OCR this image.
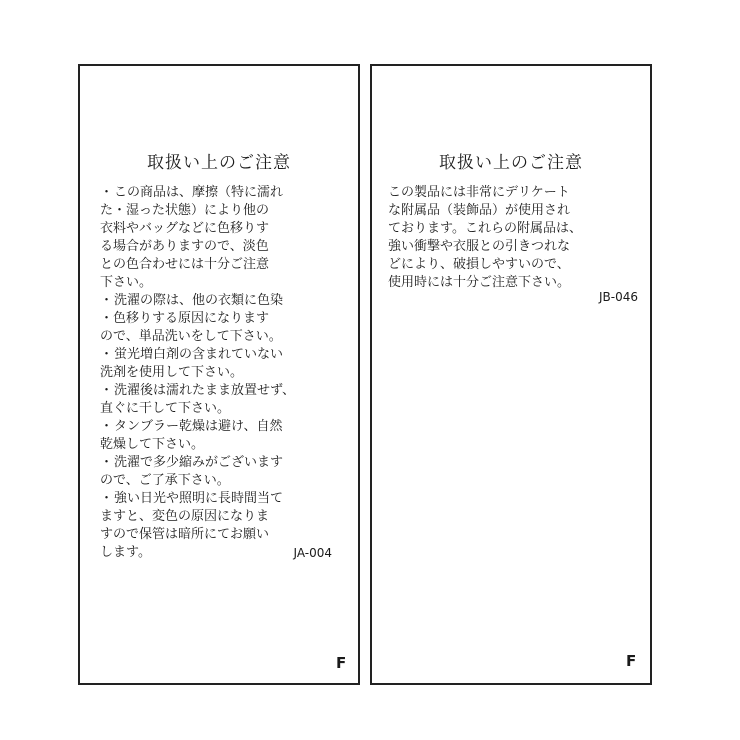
取扱い上のご注意
・この商品は、摩擦（特に濡れ
た・湿った状態）により他の
衣料やバッグなどに色移りす
る場合がありますので、淡色
との色合わせには十分ご注意
下さい。
・洗濯の際は、他の衣類に色染
・色移りする原因になります
ので、単品洗いをして下さい。
・蛍光増白剤の含まれていない
洗剤を使用して下さい。
・洗濯後は濡れたまま放置せず、
直ぐに干して下さい。
・タンブラー乾燥は避け、自然
乾燥して下さい。
・洗濯で多少縮みがございます
ので、ご了承下さい。
・強い日光や照明に長時間当て
ますと、変色の原因になりま
すので保管は暗所にてお願い
します。	JA-004
F
取扱い上のご注意
この製品には非常にデリケート
な附属品（装飾品）が使用され
ております。これらの附属品は、
強い衝撃や衣服との引きつれな
どにより、破損しやすいので、
使用時には十分ご注意下さい。
JB-046
F
